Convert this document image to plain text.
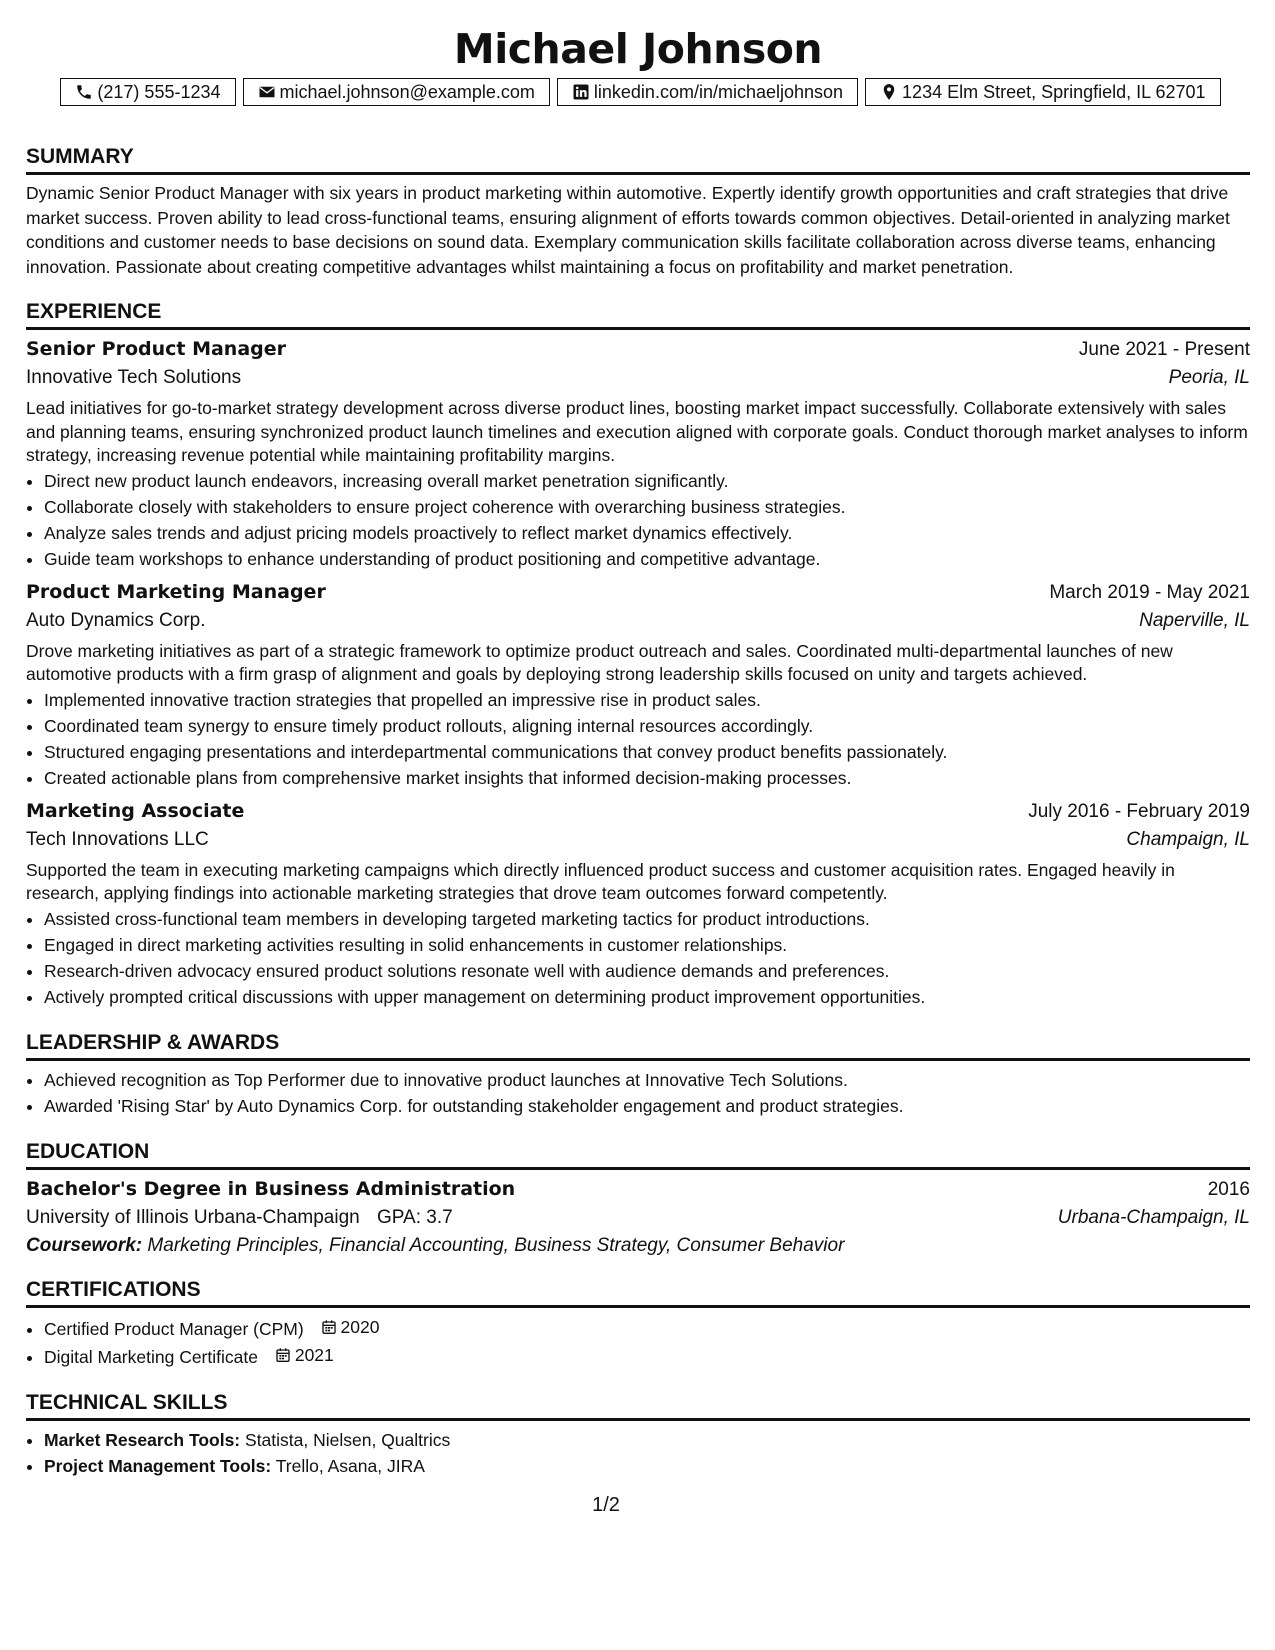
Michael Johnson
(217) 555-1234	michael.johnson@example.com	linkedin.com/in/michaeljohnson	1234 Elm Street, Springfield, IL 62701
SUMMARY
Dynamic Senior Product Manager with six years in product marketing within automotive. Expertly identify growth opportunities and craft strategies that drive market success. Proven ability to lead cross-functional teams, ensuring alignment of efforts towards common objectives. Detail-oriented in analyzing market conditions and customer needs to base decisions on sound data. Exemplary communication skills facilitate collaboration across diverse teams, enhancing innovation. Passionate about creating competitive advantages whilst maintaining a focus on profitability and market penetration.
EXPERIENCE
Senior Product Manager	June 2021 - Present
Innovative Tech Solutions	Peoria, IL
Lead initiatives for go-to-market strategy development across diverse product lines, boosting market impact successfully. Collaborate extensively with sales and planning teams, ensuring synchronized product launch timelines and execution aligned with corporate goals. Conduct thorough market analyses to inform strategy, increasing revenue potential while maintaining profitability margins.
• Direct new product launch endeavors, increasing overall market penetration significantly.
• Collaborate closely with stakeholders to ensure project coherence with overarching business strategies.
• Analyze sales trends and adjust pricing models proactively to reflect market dynamics effectively.
• Guide team workshops to enhance understanding of product positioning and competitive advantage.
Product Marketing Manager	March 2019 - May 2021
Auto Dynamics Corp.	Naperville, IL
Drove marketing initiatives as part of a strategic framework to optimize product outreach and sales. Coordinated multi-departmental launches of new automotive products with a firm grasp of alignment and goals by deploying strong leadership skills focused on unity and targets achieved.
• Implemented innovative traction strategies that propelled an impressive rise in product sales.
• Coordinated team synergy to ensure timely product rollouts, aligning internal resources accordingly.
• Structured engaging presentations and interdepartmental communications that convey product benefits passionately.
• Created actionable plans from comprehensive market insights that informed decision-making processes.
Marketing Associate	July 2016 - February 2019
Tech Innovations LLC	Champaign, IL
Supported the team in executing marketing campaigns which directly influenced product success and customer acquisition rates. Engaged heavily in research, applying findings into actionable marketing strategies that drove team outcomes forward competently.
• Assisted cross-functional team members in developing targeted marketing tactics for product introductions.
• Engaged in direct marketing activities resulting in solid enhancements in customer relationships.
• Research-driven advocacy ensured product solutions resonate well with audience demands and preferences.
• Actively prompted critical discussions with upper management on determining product improvement opportunities.
LEADERSHIP & AWARDS
• Achieved recognition as Top Performer due to innovative product launches at Innovative Tech Solutions.
• Awarded 'Rising Star' by Auto Dynamics Corp. for outstanding stakeholder engagement and product strategies.
EDUCATION
Bachelor's Degree in Business Administration	2016
University of Illinois Urbana-Champaign GPA: 3.7	Urbana-Champaign, IL
Coursework: Marketing Principles, Financial Accounting, Business Strategy, Consumer Behavior
CERTIFICATIONS
• Certified Product Manager (CPM) 2020
• Digital Marketing Certificate 2021
TECHNICAL SKILLS
• Market Research Tools: Statista, Nielsen, Qualtrics
• Project Management Tools: Trello, Asana, JIRA
1/2
